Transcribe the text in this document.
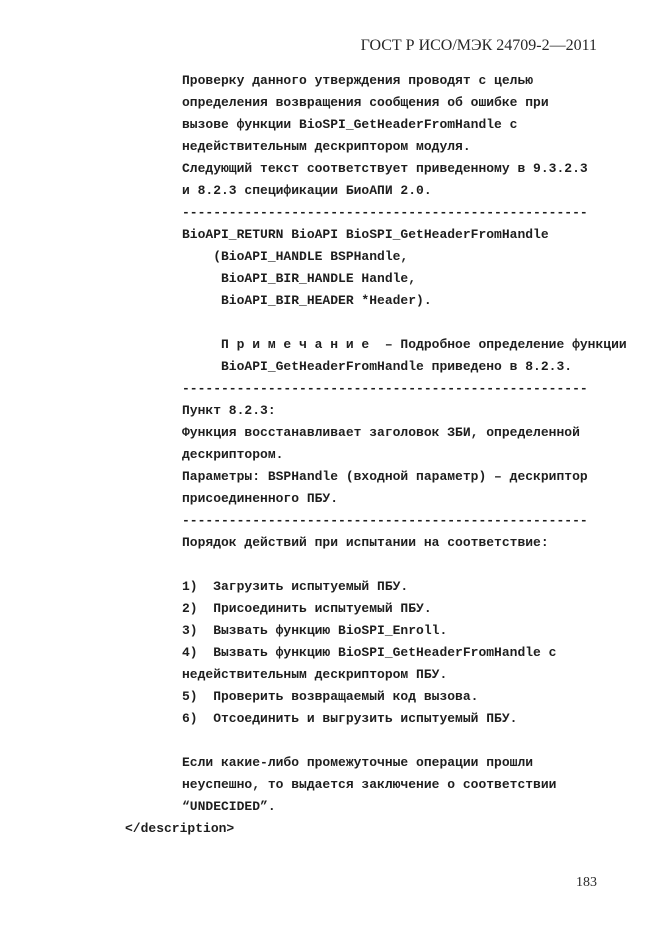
ГОСТ Р ИСО/МЭК 24709-2—2011
Проверку данного утверждения проводят с целью
определения возвращения сообщения об ошибке при
вызове функции BioSPI_GetHeaderFromHandle с
недействительным дескриптором модуля.
Следующий текст соответствует приведенному в 9.3.2.3
и 8.2.3 спецификации БиоАПИ 2.0.
----------------------------------------------------
BioAPI_RETURN BioAPI BioSPI_GetHeaderFromHandle
(BioAPI_HANDLE BSPHandle,
BioAPI_BIR_HANDLE Handle,
BioAPI_BIR_HEADER *Header).

П р и м е ч а н и е  – Подробное определение функции
BioAPI_GetHeaderFromHandle приведено в 8.2.3.
----------------------------------------------------
Пункт 8.2.3:
Функция восстанавливает заголовок ЗБИ, определенной
дескриптором.
Параметры: BSPHandle (входной параметр) – дескриптор
присоединенного ПБУ.
----------------------------------------------------
Порядок действий при испытании на соответствие:

1)  Загрузить испытуемый ПБУ.
2)  Присоединить испытуемый ПБУ.
3)  Вызвать функцию BioSPI_Enroll.
4)  Вызвать функцию BioSPI_GetHeaderFromHandle с
недействительным дескриптором ПБУ.
5)  Проверить возвращаемый код вызова.
6)  Отсоединить и выгрузить испытуемый ПБУ.

Если какие-либо промежуточные операции прошли
неуспешно, то выдается заключение о соответствии
“UNDECIDED”.
</description>
183
